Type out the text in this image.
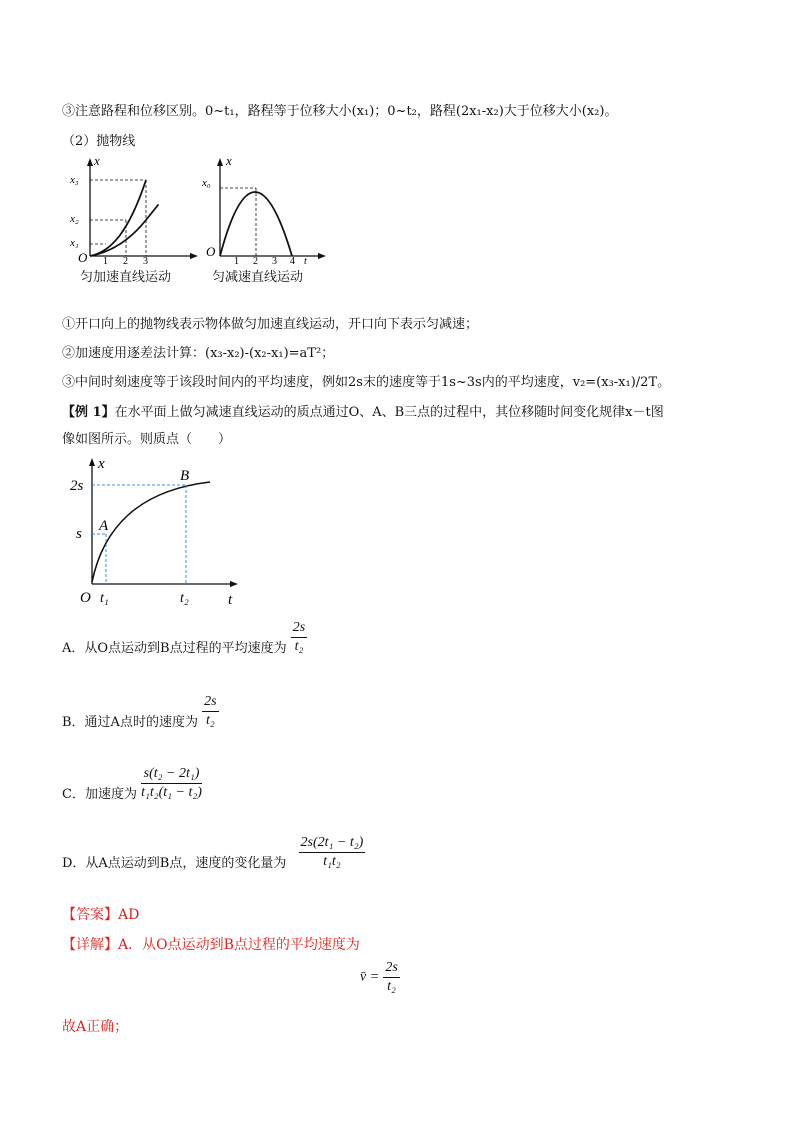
③注意路程和位移区别。0~t₁，路程等于位移大小(x₁)；0~t₂，路程(2x₁-x₂)大于位移大小(x₂)。
（2）抛物线
x
x₃
x₂
x₁
O 1 2 3
匀加速直线运动
x
x₀
O
1 2 3 4 t
匀减速直线运动
①开口向上的抛物线表示物体做匀加速直线运动，开口向下表示匀减速；
②加速度用逐差法计算：(x₃-x₂)-(x₂-x₁)=aT²；
③中间时刻速度等于该段时间内的平均速度，例如2s末的速度等于1s~3s内的平均速度，v₂=(x₃-x₁)/2T。
【例 1】在水平面上做匀减速直线运动的质点通过O、A、B三点的过程中，其位移随时间变化规律x－t图
像如图所示。则质点（　　）
x
t
O
2s
s
t₁	t₂
A
B
A．从O点运动到B点过程的平均速度为 $\frac{2s}{\text{t₂}}$
B．通过A点时的速度为 $\frac{2s}{\text{t₂}}$
C．加速度为 $\frac{\text{s(t₂ − 2t₁)}}{\text{t₁t₂(t₁ − t₂)}}$
D．从A点运动到B点，速度的变化量为 $\frac{\text{2s(2t₁ − t₂)}}{\text{t₁t₂}}$
【答案】AD
【详解】A．从O点运动到B点过程的平均速度为
v̄ = $\frac{2s}{\text{t₂}}$
故A正确；
